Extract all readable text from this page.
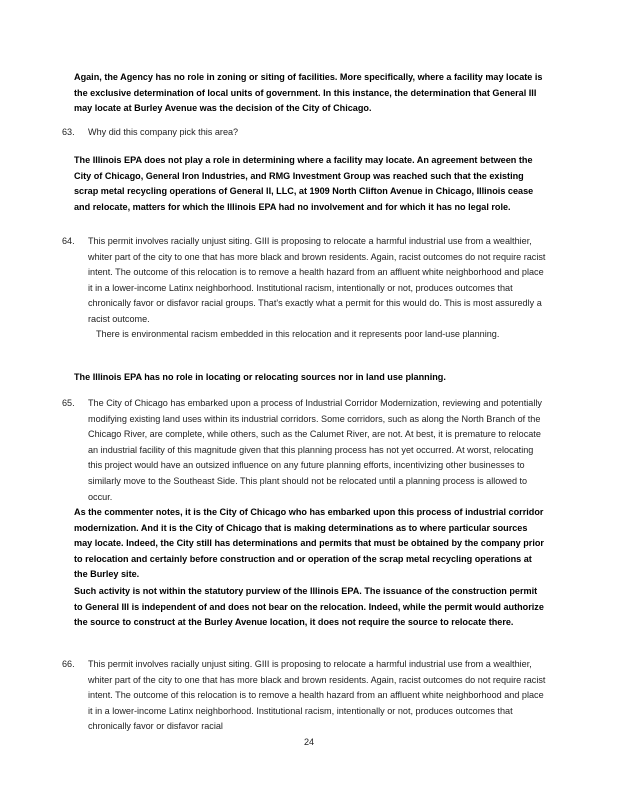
Again, the Agency has no role in zoning or siting of facilities. More specifically, where a facility may locate is the exclusive determination of local units of government. In this instance, the determination that General III may locate at Burley Avenue was the decision of the City of Chicago.
63. Why did this company pick this area?
The Illinois EPA does not play a role in determining where a facility may locate. An agreement between the City of Chicago, General Iron Industries, and RMG Investment Group was reached such that the existing scrap metal recycling operations of General II, LLC, at 1909 North Clifton Avenue in Chicago, Illinois cease and relocate, matters for which the Illinois EPA had no involvement and for which it has no legal role.
64. This permit involves racially unjust siting. GIII is proposing to relocate a harmful industrial use from a wealthier, whiter part of the city to one that has more black and brown residents. Again, racist outcomes do not require racist intent. The outcome of this relocation is to remove a health hazard from an affluent white neighborhood and place it in a lower-income Latinx neighborhood. Institutional racism, intentionally or not, produces outcomes that chronically favor or disfavor racial groups. That's exactly what a permit for this would do. This is most assuredly a racist outcome.
There is environmental racism embedded in this relocation and it represents poor land-use planning.
The Illinois EPA has no role in locating or relocating sources nor in land use planning.
65. The City of Chicago has embarked upon a process of Industrial Corridor Modernization, reviewing and potentially modifying existing land uses within its industrial corridors. Some corridors, such as along the North Branch of the Chicago River, are complete, while others, such as the Calumet River, are not. At best, it is premature to relocate an industrial facility of this magnitude given that this planning process has not yet occurred. At worst, relocating this project would have an outsized influence on any future planning efforts, incentivizing other businesses to similarly move to the Southeast Side. This plant should not be relocated until a planning process is allowed to occur.
As the commenter notes, it is the City of Chicago who has embarked upon this process of industrial corridor modernization. And it is the City of Chicago that is making determinations as to where particular sources may locate. Indeed, the City still has determinations and permits that must be obtained by the company prior to relocation and certainly before construction and or operation of the scrap metal recycling operations at the Burley site.
Such activity is not within the statutory purview of the Illinois EPA. The issuance of the construction permit to General III is independent of and does not bear on the relocation. Indeed, while the permit would authorize the source to construct at the Burley Avenue location, it does not require the source to relocate there.
66. This permit involves racially unjust siting. GIII is proposing to relocate a harmful industrial use from a wealthier, whiter part of the city to one that has more black and brown residents. Again, racist outcomes do not require racist intent. The outcome of this relocation is to remove a health hazard from an affluent white neighborhood and place it in a lower-income Latinx neighborhood. Institutional racism, intentionally or not, produces outcomes that chronically favor or disfavor racial
24
